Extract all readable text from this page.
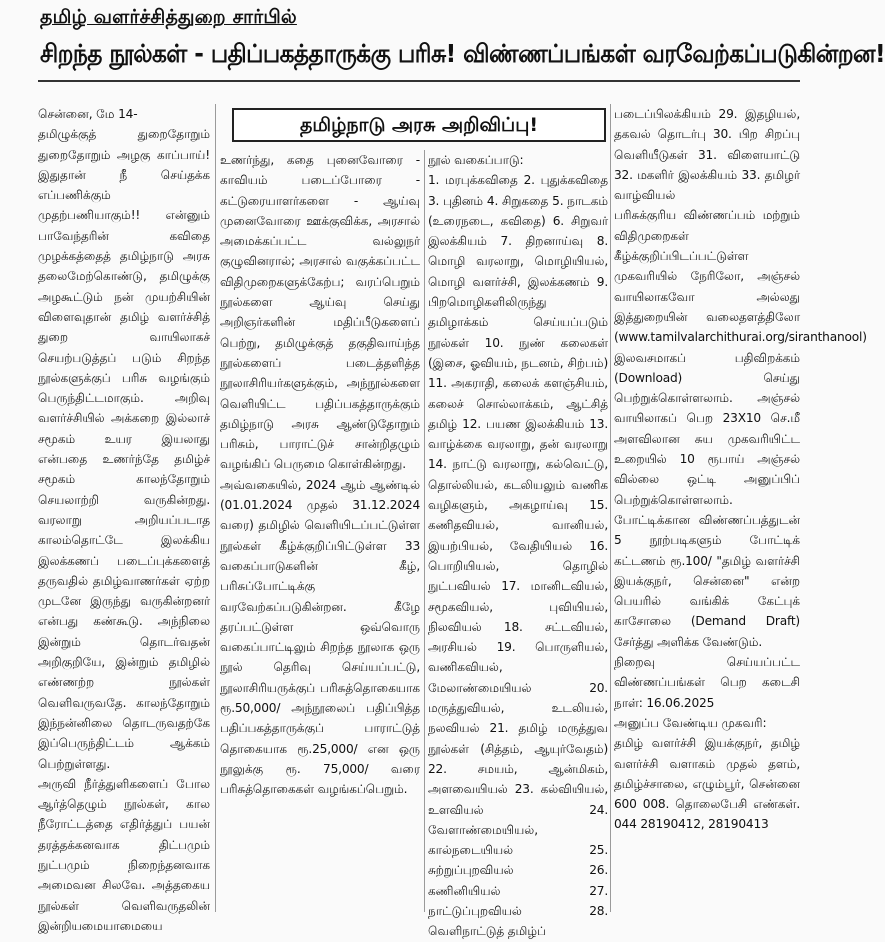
தமிழ் வளர்ச்சித்துறை சார்பில்
சிறந்த நூல்கள் - பதிப்பகத்தாருக்கு பரிசு! விண்ணப்பங்கள் வரவேற்கப்படுகின்றன!
சென்னை, மே 14-
தமிழுக்குத் துறைதோறும் துறைதோறும் அழகு காப்பாய்! இதுதான் நீ செய்தக்க எப்பணிக்கும் முதற்பணியாகும்!! என்னும் பாவேந்தரின் கவிதை முழக்கத்தைத் தமிழ்நாடு அரசு தலைமேற்கொண்டு, தமிழுக்கு அழகூட்டும் நன் முயற்சியின் விளைவுதான் தமிழ் வளர்ச்சித் துறை வாயிலாகச் செயற்படுத்தப் படும் சிறந்த நூல்களுக்குப் பரிசு வழங்கும் பெருந்திட்டமாகும். அறிவு வளர்ச்சியில் அக்கறை இல்லாச் சமூகம் உயர இயலாது என்பதை உணர்ந்தே தமிழ்ச் சமூகம் காலந்தோறும் செயலாற்றி வருகின்றது. வரலாறு அறியப்படாத காலம்தொட்டே இலக்கிய இலக்கணப் படைப்புக்களைத் தருவதில் தமிழ்வாணர்கள் ஏற்ற முடனே இருந்து வருகின்றனர் என்பது கண்கூடு. அந்நிலை இன்றும் தொடர்வதன் அறிகுறியே, இன்றும் தமிழில் எண்ணற்ற நூல்கள் வெளிவருவதே. காலந்தோறும் இந்நன்னிலை தொடருவதற்கே இப்பெருந்திட்டம் ஆக்கம் பெற்றுள்ளது.
அருவி நீர்த்துளிகளைப் போல ஆர்த்தெழும் நூல்கள், கால நீரோட்டத்தை எதிர்த்துப் பயன் தரத்தக்கனவாக திட்பமும் நுட்பமும் நிறைந்தனவாக அமைவன சிலவே. அத்தகைய நூல்கள் வெளிவருதலின் இன்றியமையாமையை
தமிழ்நாடு அரசு அறிவிப்பு!
உணர்ந்து, கதை புனைவோரை - காவியம் படைப்போரை - கட்டுரையாளர்களை - ஆய்வு முனைவோரை ஊக்குவிக்க, அரசால் அமைக்கப்பட்ட வல்லுநர் குழுவினரால்; அரசால் வகுக்கப்பட்ட விதிமுறைகளுக்கேற்ப; வரப்பெறும் நூல்களை ஆய்வு செய்து அறிஞர்களின் மதிப்பீடுகளைப் பெற்று, தமிழுக்குத் தகுதிவாய்ந்த நூல்களைப் படைத்தளித்த நூலாசிரியர்களுக்கும், அந்நூல்களை வெளியிட்ட பதிப்பகத்தாருக்கும் தமிழ்நாடு அரசு ஆண்டுதோறும் பரிசும், பாராட்டுச் சான்றிதழும் வழங்கிப் பெருமை கொள்கின்றது.
அவ்வகையில், 2024 ஆம் ஆண்டில் (01.01.2024 முதல் 31.12.2024 வரை) தமிழில் வெளியிடப்பட்டுள்ள நூல்கள் கீழ்க்குறிப்பிட்டுள்ள 33 வகைப்பாடுகளின் கீழ், பரிசுப்போட்டிக்கு வரவேற்கப்படுகின்றன. கீழே தரப்பட்டுள்ள ஒவ்வொரு வகைப்பாட்டிலும் சிறந்த நூலாக ஒரு நூல் தெரிவு செய்யப்பட்டு, நூலாசிரியருக்குப் பரிசுத்தொகையாக ரூ.50,000/ அந்நூலைப் பதிப்பித்த பதிப்பகத்தாருக்குப் பாராட்டுத் தொகையாக ரூ.25,000/ என ஒரு நூலுக்கு ரூ. 75,000/ வரை பரிசுத்தொகைகள் வழங்கப்பெறும்.
நூல் வகைப்பாடு:
1. மரபுக்கவிதை 2. புதுக்கவிதை 3. புதினம் 4. சிறுகதை 5. நாடகம் (உரைநடை, கவிதை) 6. சிறுவர் இலக்கியம் 7. திறனாய்வு 8. மொழி வரலாறு, மொழியியல், மொழி வளர்ச்சி, இலக்கணம் 9. பிறமொழிகளிலிருந்து தமிழாக்கம் செய்யப்படும் நூல்கள் 10. நுண் கலைகள் (இசை, ஓவியம், நடனம், சிற்பம்) 11. அகராதி, கலைக் களஞ்சியம், கலைச் சொல்லாக்கம், ஆட்சித் தமிழ் 12. பயண இலக்கியம் 13. வாழ்க்கை வரலாறு, தன் வரலாறு 14. நாட்டு வரலாறு, கல்வெட்டு, தொல்லியல், கடலியலும் வணிக வழிகளும், அகழாய்வு 15. கணிதவியல், வானியல், இயற்பியல், வேதியியல் 16. பொறியியல், தொழில் நுட்பவியல் 17. மானிடவியல், சமூகவியல், புவியியல், நிலவியல் 18. சட்டவியல், அரசியல் 19. பொருளியல், வணிகவியல், மேலாண்மையியல் 20. மருத்துவியல், உடலியல், நலவியல் 21. தமிழ் மருத்துவ நூல்கள் (சித்தம், ஆயுர்வேதம்) 22. சமயம், ஆன்மிகம், அளவையியல் 23. கல்வியியல், உளவியல் 24. வேளாண்மையியல், கால்நடையியல் 25. சுற்றுப்புறவியல் 26. கணினியியல் 27. நாட்டுப்புறவியல் 28. வெளிநாட்டுத் தமிழ்ப்
படைப்பிலக்கியம் 29. இதழியல், தகவல் தொடர்பு 30. பிற சிறப்பு வெளியீடுகள் 31. விளையாட்டு 32. மகளிர் இலக்கியம் 33. தமிழர் வாழ்வியல்
பரிசுக்குரிய விண்ணப்பம் மற்றும் விதிமுறைகள் கீழ்க்குறிப்பிடப்பட்டுள்ள முகவரியில் நேரிலோ, அஞ்சல் வாயிலாகவோ அல்லது இத்துறையின் வலைதளத்திலோ (www.tamilvalarchithurai.org/siranthanool) இலவசமாகப் பதிவிறக்கம் (Download) செய்து பெற்றுக்கொள்ளலாம். அஞ்சல் வாயிலாகப் பெற 23X10 செ.மீ அளவிலான சுய முகவரியிட்ட உறையில் 10 ரூபாய் அஞ்சல் வில்லை ஒட்டி அனுப்பிப் பெற்றுக்கொள்ளலாம்.
போட்டிக்கான விண்ணப்பத்துடன் 5 நூற்படிகளும் போட்டிக் கட்டணம் ரூ.100/ "தமிழ் வளர்ச்சி இயக்குநர், சென்னை" என்ற பெயரில் வங்கிக் கேட்புக் காசோலை (Demand Draft) சேர்த்து அளிக்க வேண்டும்.
நிறைவு செய்யப்பட்ட விண்ணப்பங்கள் பெற கடைசி நாள்: 16.06.2025
அனுப்ப வேண்டிய முகவரி:
தமிழ் வளர்ச்சி இயக்குநர், தமிழ் வளர்ச்சி வளாகம் முதல் தளம், தமிழ்ச்சாலை, எழும்பூர், சென்னை 600 008. தொலைபேசி எண்கள். 044 28190412, 28190413
